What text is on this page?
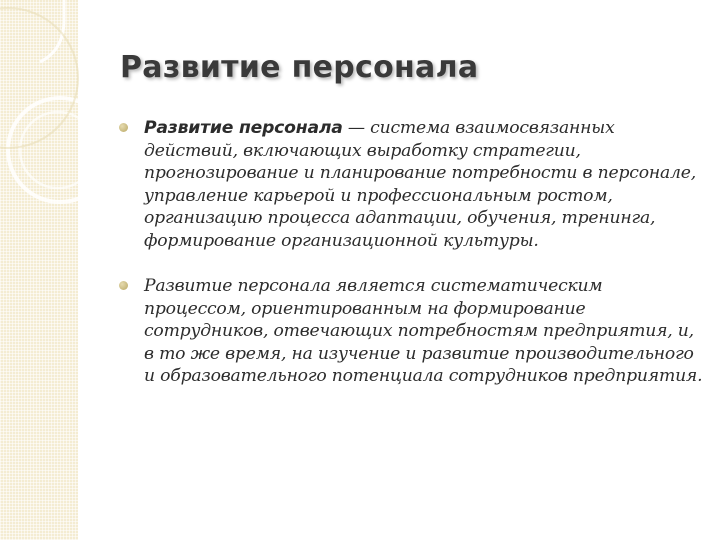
Развитие персонала
Развитие персонала — система взаимосвязанных действий, включающих выработку стратегии, прогнозирование и планирование потребности в персонале, управление карьерой и профессиональным ростом, организацию процесса адаптации, обучения, тренинга, формирование организационной культуры.
Развитие персонала является систематическим процессом, ориентированным на формирование сотрудников, отвечающих потребностям предприятия, и, в то же время, на изучение и развитие производительного и образовательного потенциала сотрудников предприятия.
